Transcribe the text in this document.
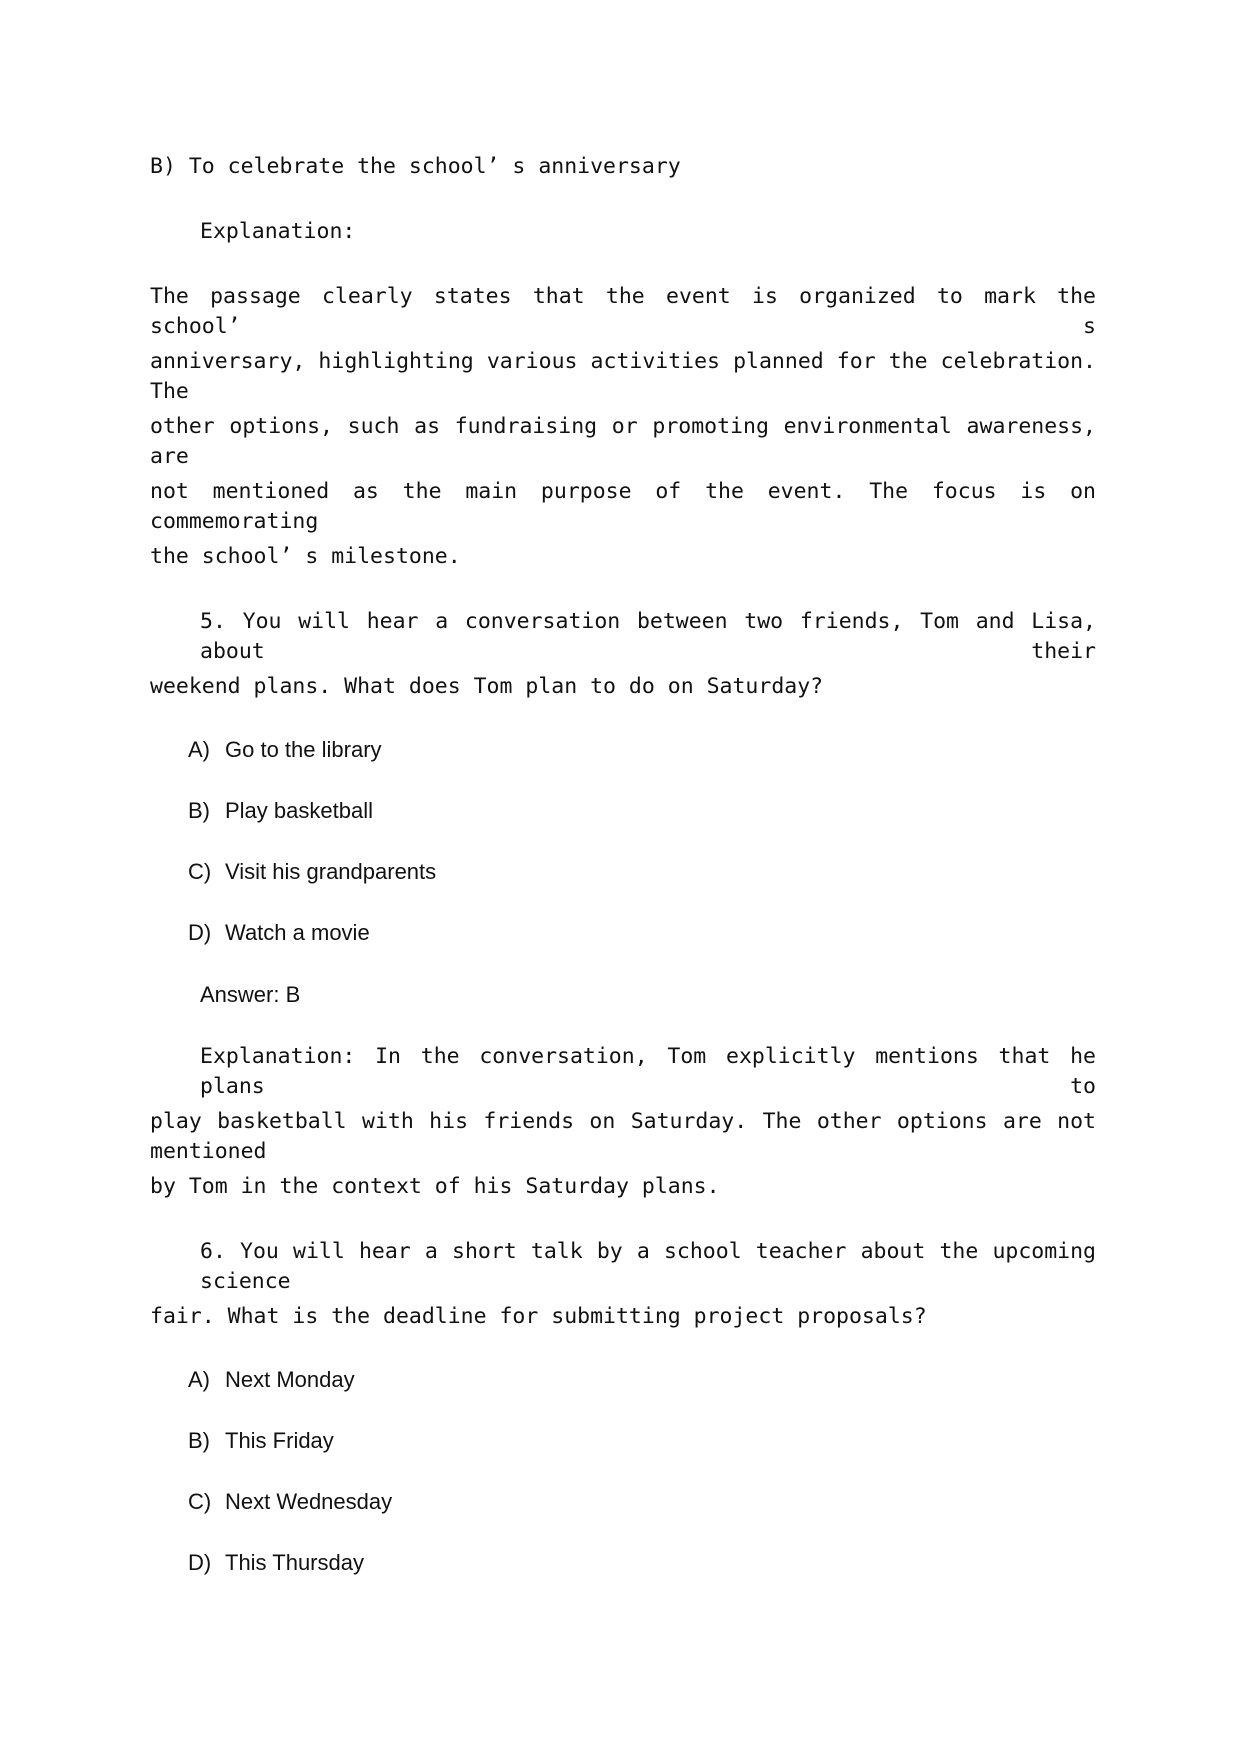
B) To celebrate the school’ s anniversary
Explanation:
The passage clearly states that the event is organized to mark the school’ s
anniversary, highlighting various activities planned for the celebration. The
other options, such as fundraising or promoting environmental awareness, are
not mentioned as the main purpose of the event. The focus is on commemorating
the school’ s milestone.
5. You will hear a conversation between two friends, Tom and Lisa, about their
weekend plans. What does Tom plan to do on Saturday?
A) Go to the library
B) Play basketball
C) Visit his grandparents
D) Watch a movie
Answer: B
Explanation: In the conversation, Tom explicitly mentions that he plans to
play basketball with his friends on Saturday. The other options are not mentioned
by Tom in the context of his Saturday plans.
6. You will hear a short talk by a school teacher about the upcoming science
fair. What is the deadline for submitting project proposals?
A) Next Monday
B) This Friday
C) Next Wednesday
D) This Thursday
